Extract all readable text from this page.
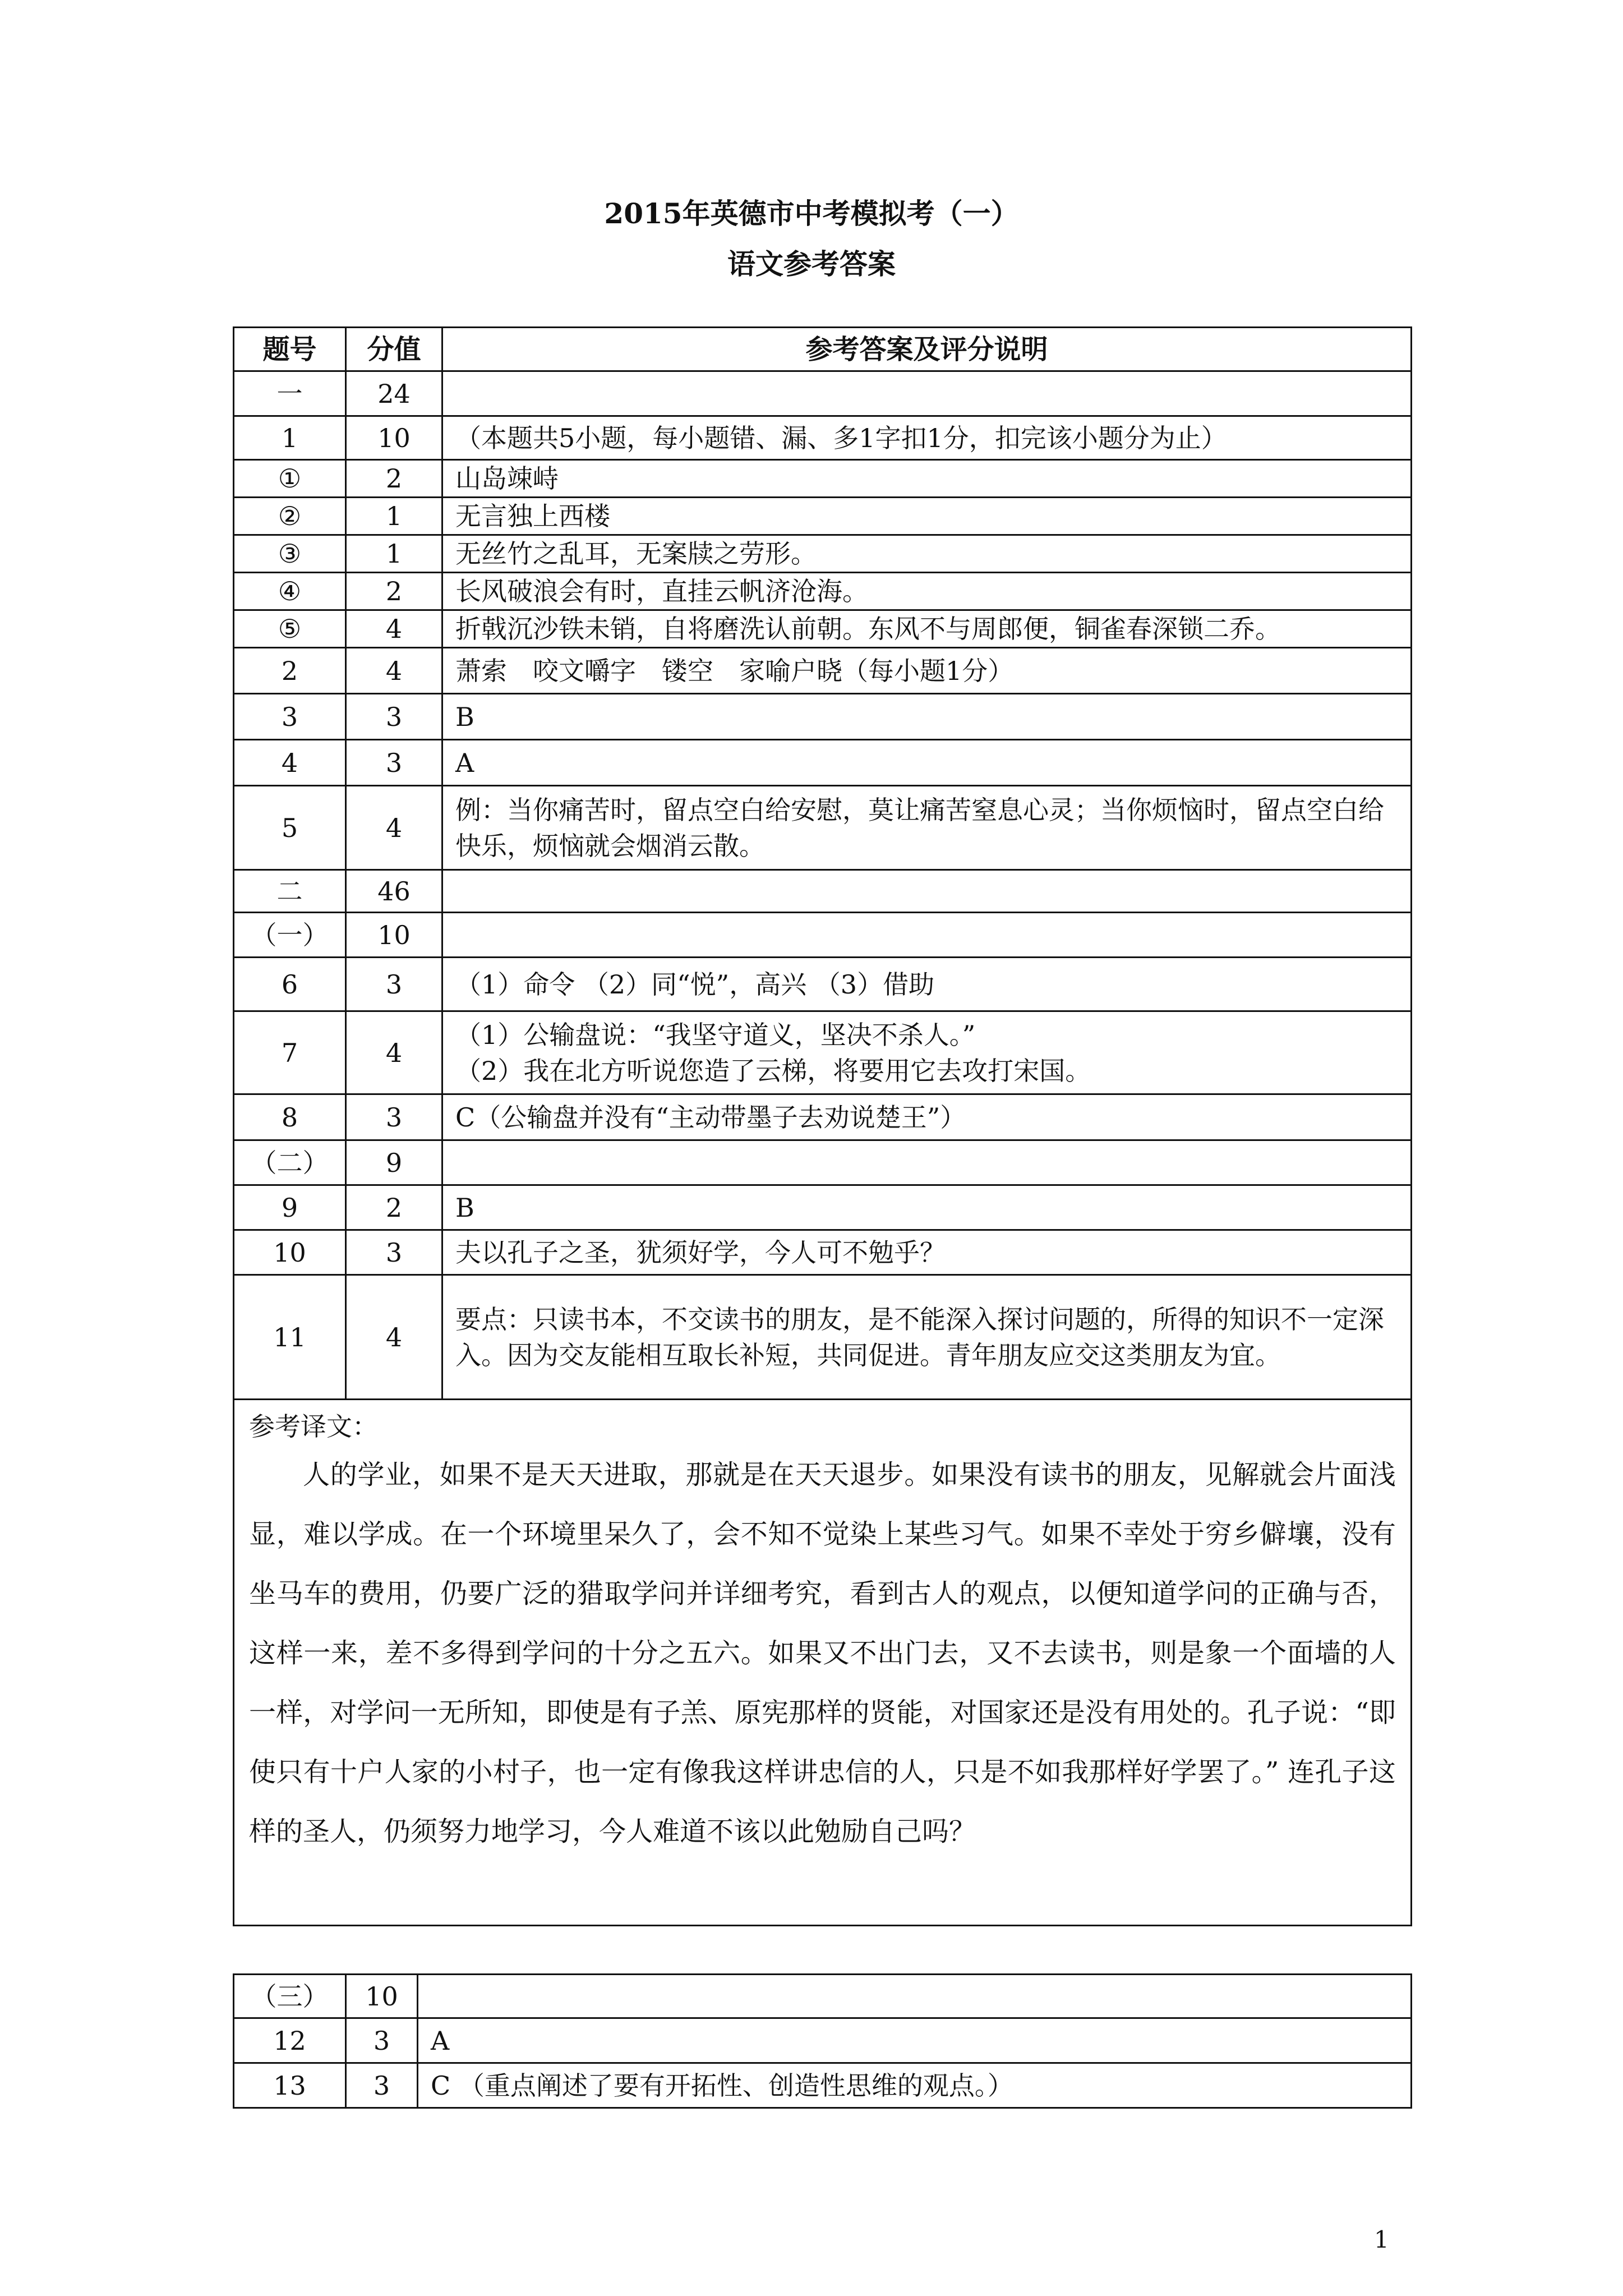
2015年英德市中考模拟考（一）
语文参考答案
题号	分值	参考答案及评分说明
一	24	
1	10	（本题共5小题，每小题错、漏、多1字扣1分，扣完该小题分为止）
①	2	山岛竦峙
②	1	无言独上西楼
③	1	无丝竹之乱耳，无案牍之劳形。
④	2	长风破浪会有时，直挂云帆济沧海。
⑤	4	折戟沉沙铁未销，自将磨洗认前朝。东风不与周郎便，铜雀春深锁二乔。
2	4	萧索　咬文嚼字　镂空　家喻户晓（每小题1分）
3	3	B
4	3	A
5	4	例：当你痛苦时，留点空白给安慰，莫让痛苦窒息心灵；当你烦恼时，留点空白给快乐，烦恼就会烟消云散。
二	46	
（一）	10	
6	3	（1）命令 （2）同“悦”，高兴 （3）借助
7	4	（1）公输盘说：“我坚守道义，坚决不杀人。”
（2）我在北方听说您造了云梯，将要用它去攻打宋国。

8	3	C（公输盘并没有“主动带墨子去劝说楚王”）
（二）	9	
9	2	B
10	3	夫以孔子之圣，犹须好学，今人可不勉乎？
11	4	要点：只读书本，不交读书的朋友，是不能深入探讨问题的，所得的知识不一定深入。因为交友能相互取长补短，共同促进。青年朋友应交这类朋友为宜。

参考译文：
人的学业，如果不是天天进取，那就是在天天退步。如果没有读书的朋友，见解就会片面浅显，难以学成。在一个环境里呆久了，会不知不觉染上某些习气。如果不幸处于穷乡僻壤，没有坐马车的费用，仍要广泛的猎取学问并详细考究，看到古人的观点，以便知道学问的正确与否，这样一来，差不多得到学问的十分之五六。如果又不出门去，又不去读书，则是象一个面墙的人一样，对学问一无所知，即使是有子羔、原宪那样的贤能，对国家还是没有用处的。孔子说：“即使只有十户人家的小村子，也一定有像我这样讲忠信的人，只是不如我那样好学罢了。” 连孔子这样的圣人，仍须努力地学习，今人难道不该以此勉励自己吗？		
（三）	10	
12	3	A
13	3	C （重点阐述了要有开拓性、创造性思维的观点。）
1
